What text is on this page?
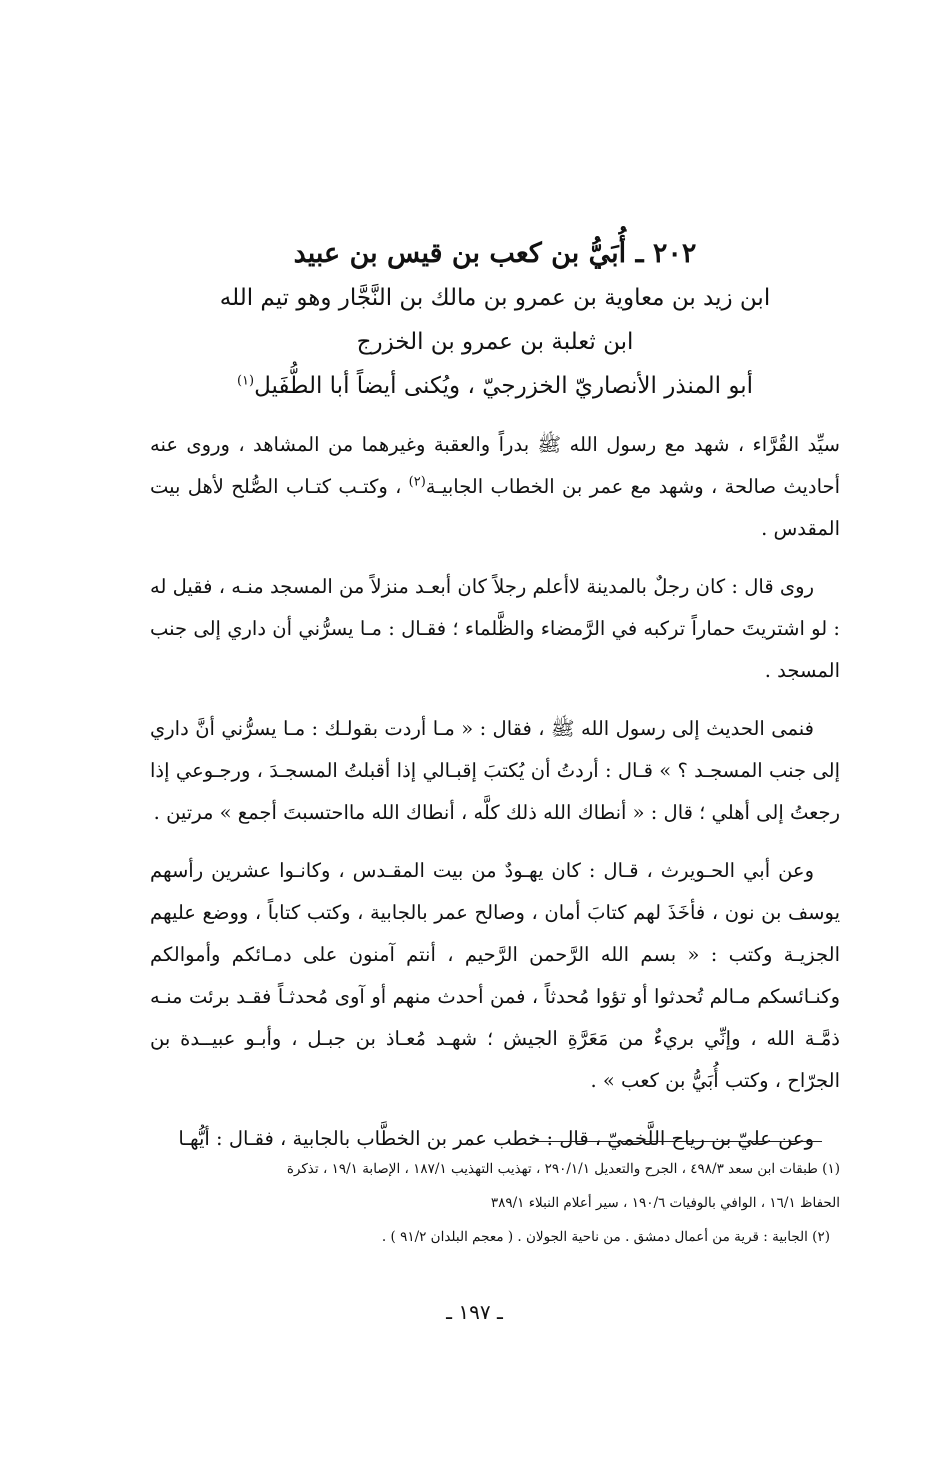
٢٠٢ ـ أُبَيُّ بن كعب بن قيس بن عبيد

ابن زيد بن معاوية بن عمرو بن مالك بن النَّجَّار وهو تيم الله

ابن ثعلبة بن عمرو بن الخزرج

أبو المنذر الأنصاريّ الخزرجيّ ، ويُكنى أيضاً أبا الطُّفَيل$^{(١)}$

سيِّد القُرَّاء ، شهد مع رسول الله ﷺ بدراً والعقبة وغيرهما من المشاهد ، وروى عنه أحاديث صالحة ، وشهد مع عمر بن الخطاب الجابيـة$^{(٢)}$ ، وكتـب كتـاب الصُّلح لأهل بيت المقدس .

روى قال : كان رجلٌ بالمدينة لاأعلم رجلاً كان أبعـد منزلاً من المسجد منـه ، فقيل له : لو اشتريتَ حماراً تركبه في الرَّمضاء والظَّلماء ؛ فقـال : مـا يسرُّني أن داري إلى جنب المسجد .

فنمى الحديث إلى رسول الله ﷺ ، فقال : « مـا أردت بقولـك : مـا يسرُّني أنَّ داري إلى جنب المسجـد ؟ » قـال : أردتُ أن يُكتبَ إقبـالي إذا أقبلتُ المسجـدَ ، ورجـوعي إذا رجعتُ إلى أهلي ؛ قال : « أنطاك الله ذلك كلَّه ، أنطاك الله مااحتسبتَ أجمع » مرتين .

وعن أبي الحـويرث ، قـال : كان يهـودٌ من بيت المقـدس ، وكانـوا عشرين رأسهم يوسف بن نون ، فأخَذَ لهم كتابَ أمان ، وصالح عمر بالجابية ، وكتب كتاباً ، ووضع عليهم الجزيـة وكتب : « بسم الله الرَّحمن الرَّحيم ، أنتم آمنون على دمـائكم وأموالكم وكنـائسكم مـالم تُحدثوا أو تؤوا مُحدثاً ، فمن أحدث منهم أو آوى مُحدثـاً فقـد برئت منـه ذمَّـة الله ، وإنِّي بريءٌ من مَعَرَّةِ الجيش ؛ شهـد مُعـاذ بن جبـل ، وأبـو عبيــدة بن الجرّاح ، وكتب أُبَيُّ بن كعب » .

وعن عليّ بن رياح اللَّخميّ ، قال : خطب عمر بن الخطَّاب بالجابية ، فقـال : أيُّهـا

(١) طبقات ابن سعد ٤٩٨/٣ ، الجرح والتعديل ٢٩٠/١/١ ، تهذيب التهذيب ١٨٧/١ ، الإصابة ١٩/١ ، تذكرة

الحفاظ ١٦/١ ، الوافي بالوفيات ١٩٠/٦ ، سير أعلام النبلاء ٣٨٩/١

(٢) الجابية : قرية من أعمال دمشق . من ناحية الجولان . ( معجم البلدان ٩١/٢ ) .

ـ ١٩٧ ـ
